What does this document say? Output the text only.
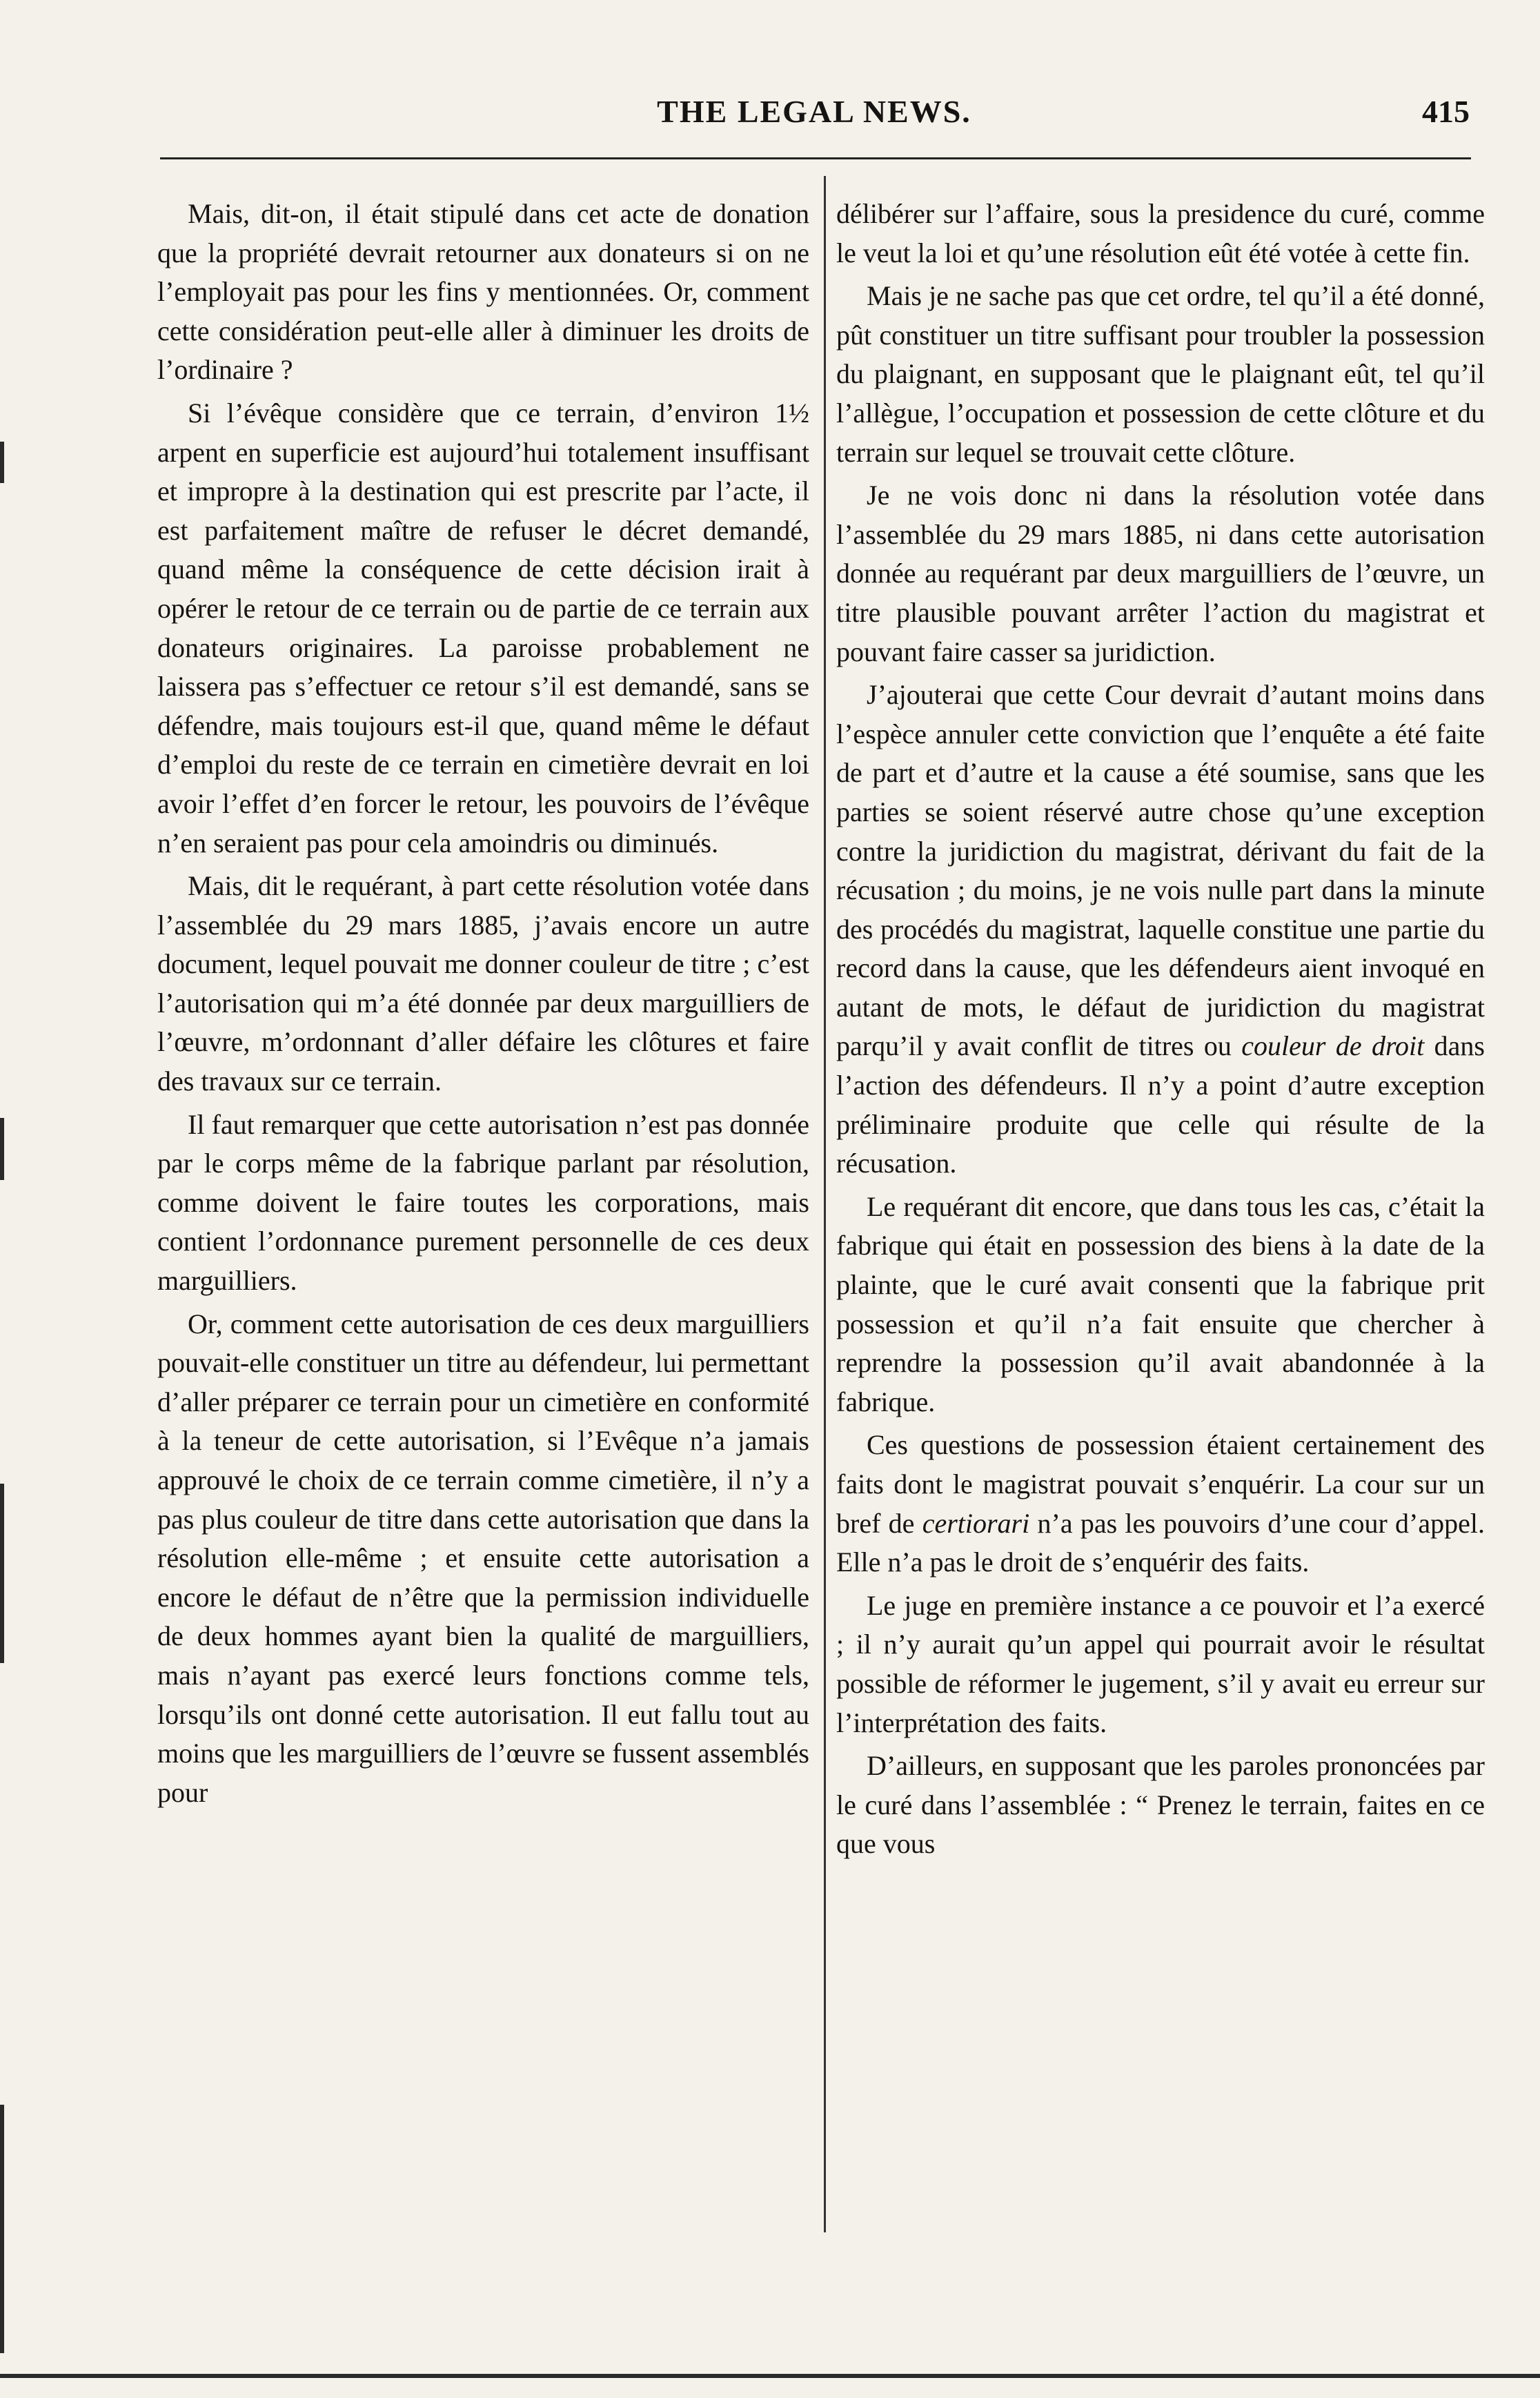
THE LEGAL NEWS.	415

Mais, dit-on, il était stipulé dans cet acte de donation que la propriété devrait retourner aux donateurs si on ne l’employait pas pour les fins y mentionnées. Or, comment cette considération peut-elle aller à diminuer les droits de l’ordinaire ?

Si l’évêque considère que ce terrain, d’environ 1½ arpent en superficie est aujourd’hui totalement insuffisant et impropre à la destination qui est prescrite par l’acte, il est parfaitement maître de refuser le décret demandé, quand même la conséquence de cette décision irait à opérer le retour de ce terrain ou de partie de ce terrain aux donateurs originaires. La paroisse probablement ne laissera pas s’effectuer ce retour s’il est demandé, sans se défendre, mais toujours est-il que, quand même le défaut d’emploi du reste de ce terrain en cimetière devrait en loi avoir l’effet d’en forcer le retour, les pouvoirs de l’évêque n’en seraient pas pour cela amoindris ou diminués.

Mais, dit le requérant, à part cette résolution votée dans l’assemblée du 29 mars 1885, j’avais encore un autre document, lequel pouvait me donner couleur de titre ; c’est l’autorisation qui m’a été donnée par deux marguilliers de l’œuvre, m’ordonnant d’aller défaire les clôtures et faire des travaux sur ce terrain.

Il faut remarquer que cette autorisation n’est pas donnée par le corps même de la fabrique parlant par résolution, comme doivent le faire toutes les corporations, mais contient l’ordonnance purement personnelle de ces deux marguilliers.

Or, comment cette autorisation de ces deux marguilliers pouvait-elle constituer un titre au défendeur, lui permettant d’aller préparer ce terrain pour un cimetière en conformité à la teneur de cette autorisation, si l’Evêque n’a jamais approuvé le choix de ce terrain comme cimetière, il n’y a pas plus couleur de titre dans cette autorisation que dans la résolution elle-même ; et ensuite cette autorisation a encore le défaut de n’être que la permission individuelle de deux hommes ayant bien la qualité de marguilliers, mais n’ayant pas exercé leurs fonctions comme tels, lorsqu’ils ont donné cette autorisation. Il eut fallu tout au moins que les marguilliers de l’œuvre se fussent assemblés pour

délibérer sur l’affaire, sous la presidence du curé, comme le veut la loi et qu’une résolution eût été votée à cette fin.

Mais je ne sache pas que cet ordre, tel qu’il a été donné, pût constituer un titre suffisant pour troubler la possession du plaignant, en supposant que le plaignant eût, tel qu’il l’allègue, l’occupation et possession de cette clôture et du terrain sur lequel se trouvait cette clôture.

Je ne vois donc ni dans la résolution votée dans l’assemblée du 29 mars 1885, ni dans cette autorisation donnée au requérant par deux marguilliers de l’œuvre, un titre plausible pouvant arrêter l’action du magistrat et pouvant faire casser sa juridiction.

J’ajouterai que cette Cour devrait d’autant moins dans l’espèce annuler cette conviction que l’enquête a été faite de part et d’autre et la cause a été soumise, sans que les parties se soient réservé autre chose qu’une exception contre la juridiction du magistrat, dérivant du fait de la récusation ; du moins, je ne vois nulle part dans la minute des procédés du magistrat, laquelle constitue une partie du record dans la cause, que les défendeurs aient invoqué en autant de mots, le défaut de juridiction du magistrat parqu’il y avait conflit de titres ou couleur de droit dans l’action des défendeurs. Il n’y a point d’autre exception préliminaire produite que celle qui résulte de la récusation.

Le requérant dit encore, que dans tous les cas, c’était la fabrique qui était en possession des biens à la date de la plainte, que le curé avait consenti que la fabrique prit possession et qu’il n’a fait ensuite que chercher à reprendre la possession qu’il avait abandonnée à la fabrique.

Ces questions de possession étaient certainement des faits dont le magistrat pouvait s’enquérir. La cour sur un bref de certiorari n’a pas les pouvoirs d’une cour d’appel. Elle n’a pas le droit de s’enquérir des faits.

Le juge en première instance a ce pouvoir et l’a exercé ; il n’y aurait qu’un appel qui pourrait avoir le résultat possible de réformer le jugement, s’il y avait eu erreur sur l’interprétation des faits.

D’ailleurs, en supposant que les paroles prononcées par le curé dans l’assemblée : “ Prenez le terrain, faites en ce que vous
